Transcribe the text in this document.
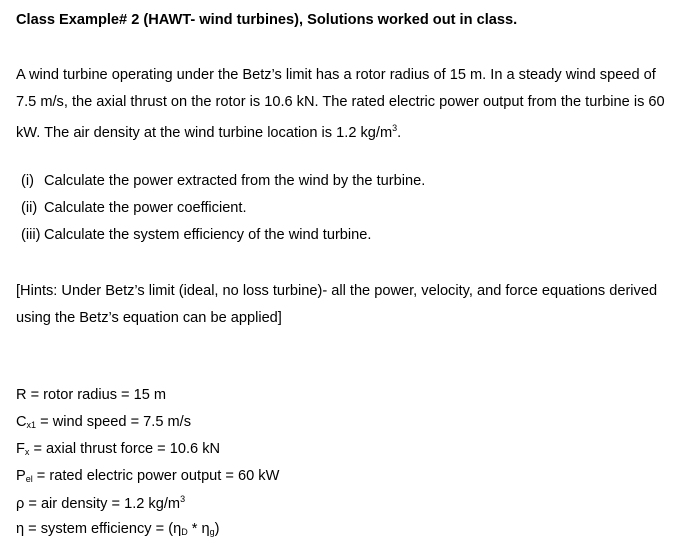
Class Example# 2 (HAWT- wind turbines), Solutions worked out in class.
A wind turbine operating under the Betz’s limit has a rotor radius of 15 m. In a steady wind speed of 7.5 m/s, the axial thrust on the rotor is 10.6 kN. The rated electric power output from the turbine is 60 kW. The air density at the wind turbine location is 1.2 $kg/m^3$.
(i) Calculate the power extracted from the wind by the turbine.
(ii) Calculate the power coefficient.
(iii) Calculate the system efficiency of the wind turbine.
[Hints: Under Betz’s limit (ideal, no loss turbine)- all the power, velocity, and force equations derived using the Betz’s equation can be applied]
R = rotor radius = 15 m
$C_{x1}$ = wind speed = 7.5 m/s
$F_x$ = axial thrust force = 10.6 kN
$P_{el}$ = rated electric power output = 60 kW
ρ = air density = 1.2 $kg/m^3$
η = system efficiency = $(\eta_D * \eta_g)$
